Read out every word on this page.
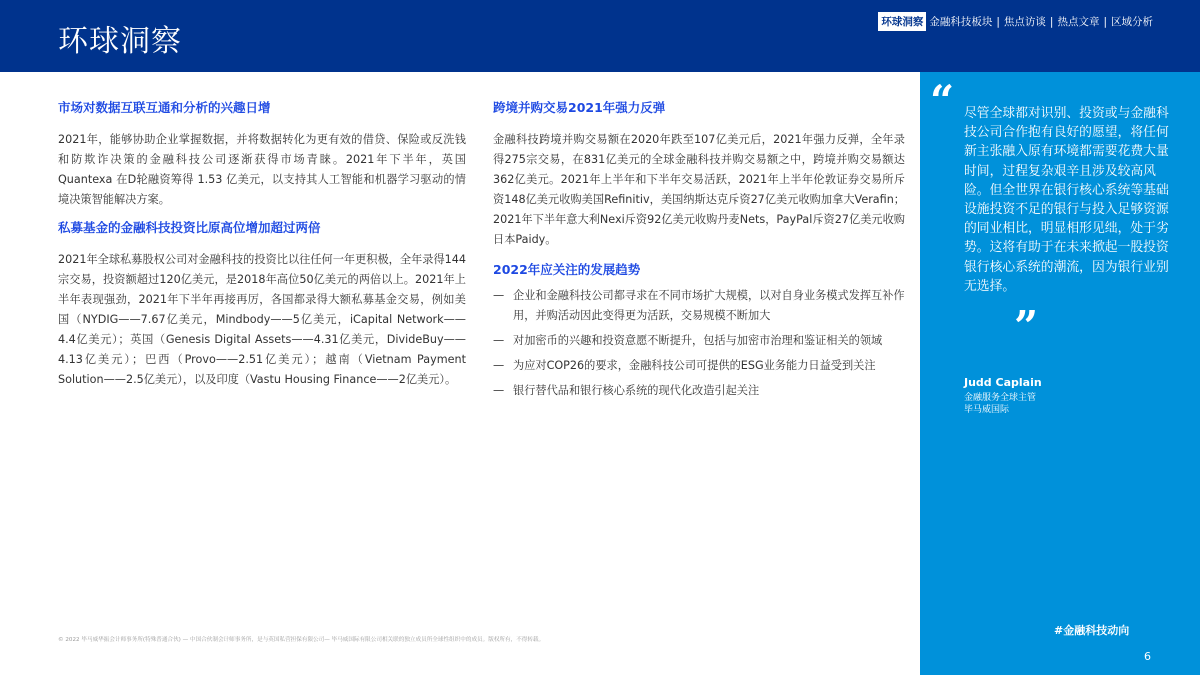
环球洞察
环球洞察 金融科技板块 | 焦点访谈 | 热点文章 | 区域分析
市场对数据互联互通和分析的兴趣日增

2021年，能够协助企业掌握数据，并将数据转化为更有效的借贷、保险或反洗钱和防欺诈决策的金融科技公司逐渐获得市场青睐。2021年下半年，英国 Quantexa 在D轮融资筹得 1.53 亿美元，以支持其人工智能和机器学习驱动的情境决策智能解决方案。

私募基金的金融科技投资比原高位增加超过两倍

2021年全球私募股权公司对金融科技的投资比以往任何一年更积极，全年录得144宗交易，投资额超过120亿美元，是2018年高位50亿美元的两倍以上。2021年上半年表现强劲，2021年下半年再接再厉，各国都录得大额私募基金交易，例如美国（NYDIG——7.67亿美元，Mindbody——5亿美元，iCapital Network——4.4亿美元）；英国（Genesis Digital Assets——4.31亿美元，DivideBuy——4.13亿美元）；巴西（Provo——2.51亿美元）；越南（Vietnam Payment Solution——2.5亿美元），以及印度（Vastu Housing Finance——2亿美元）。

跨境并购交易2021年强力反弹

金融科技跨境并购交易额在2020年跌至107亿美元后，2021年强力反弹，全年录得275宗交易，在831亿美元的全球金融科技并购交易额之中，跨境并购交易额达362亿美元。2021年上半年和下半年交易活跃，2021年上半年伦敦证券交易所斥资148亿美元收购美国Refinitiv，美国纳斯达克斥资27亿美元收购加拿大Verafin；2021年下半年意大利Nexi斥资92亿美元收购丹麦Nets，PayPal斥资27亿美元收购日本Paidy。

2022年应关注的发展趋势
— 企业和金融科技公司都寻求在不同市场扩大规模，以对自身业务模式发挥互补作用，并购活动因此变得更为活跃，交易规模不断加大
— 对加密币的兴趣和投资意愿不断提升，包括与加密市治理和鉴证相关的领域
— 为应对COP26的要求，金融科技公司可提供的ESG业务能力日益受到关注
— 银行替代品和银行核心系统的现代化改造引起关注
“ 尽管全球都对识别、投资或与金融科技公司合作抱有良好的愿望，将任何新主张融入原有环境都需要花费大量时间，过程复杂艰辛且涉及较高风险。但全世界在银行核心系统等基础设施投资不足的银行与投入足够资源的同业相比，明显相形见绌，处于劣势。这将有助于在未来掀起一股投资银行核心系统的潮流，因为银行业别无选择。
”
Judd Caplain
金融服务全球主管
毕马威国际
#金融科技动向
6
© 2022 毕马威华振会计师事务所(特殊普通合伙) — 中国合伙制会计师事务所，是与英国私营担保有限公司— 毕马威国际有限公司相关联的独立成员所全球性组织中的成员。版权所有，不得转载。
